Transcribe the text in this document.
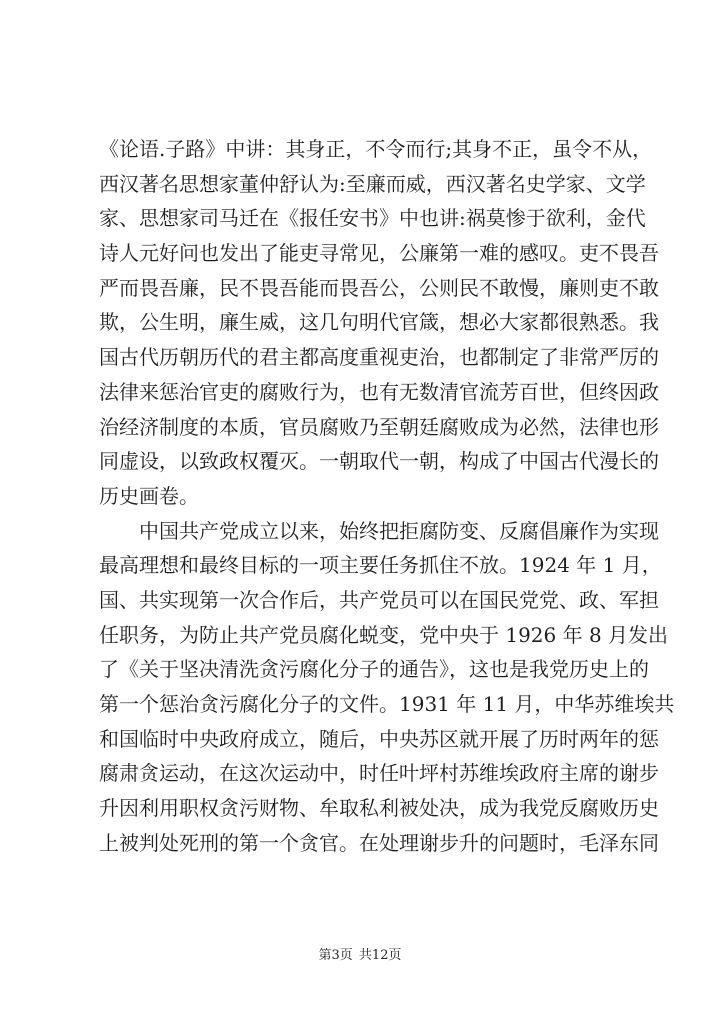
《论语.子路》中讲：其身正，不令而行;其身不正，虽令不从，
西汉著名思想家董仲舒认为:至廉而威，西汉著名史学家、文学
家、思想家司马迁在《报任安书》中也讲:祸莫惨于欲利，金代
诗人元好问也发出了能吏寻常见，公廉第一难的感叹。吏不畏吾
严而畏吾廉，民不畏吾能而畏吾公，公则民不敢慢，廉则吏不敢
欺，公生明，廉生威，这几句明代官箴，想必大家都很熟悉。我
国古代历朝历代的君主都高度重视吏治，也都制定了非常严厉的
法律来惩治官吏的腐败行为，也有无数清官流芳百世，但终因政
治经济制度的本质，官员腐败乃至朝廷腐败成为必然，法律也形
同虚设，以致政权覆灭。一朝取代一朝，构成了中国古代漫长的
历史画卷。
中国共产党成立以来，始终把拒腐防变、反腐倡廉作为实现
最高理想和最终目标的一项主要任务抓住不放。1924 年 1 月，
国、共实现第一次合作后，共产党员可以在国民党党、政、军担
任职务，为防止共产党员腐化蜕变，党中央于 1926 年 8 月发出
了《关于坚决清洗贪污腐化分子的通告》，这也是我党历史上的
第一个惩治贪污腐化分子的文件。1931 年 11 月，中华苏维埃共
和国临时中央政府成立，随后，中央苏区就开展了历时两年的惩
腐肃贪运动，在这次运动中，时任叶坪村苏维埃政府主席的谢步
升因利用职权贪污财物、牟取私利被处决，成为我党反腐败历史
上被判处死刑的第一个贪官。在处理谢步升的问题时，毛泽东同
第3页 共12页
